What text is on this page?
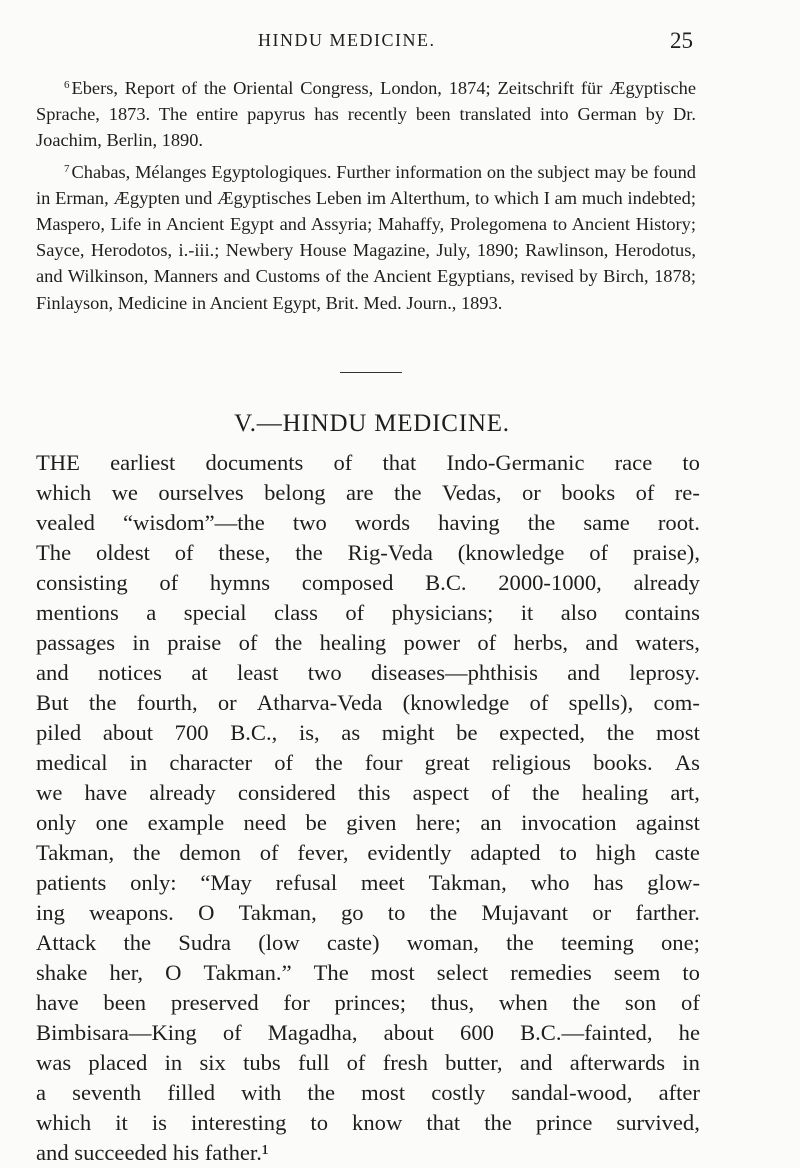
HINDU MEDICINE.	25

$^6$ Ebers, Report of the Oriental Congress, London, 1874; Zeitschrift für Ægyptische Sprache, 1873. The entire papyrus has recently been translated into German by Dr. Joachim, Berlin, 1890.

$^7$ Chabas, Mélanges Egyptologiques. Further information on the subject may be found in Erman, Ægypten und Ægyptisches Leben im Alterthum, to which I am much indebted; Maspero, Life in Ancient Egypt and Assyria; Mahaffy, Prolegomena to Ancient History; Sayce, Herodotos, i.-iii.; Newbery House Magazine, July, 1890; Rawlinson, Herodotus, and Wilkinson, Manners and Customs of the Ancient Egyptians, revised by Birch, 1878; Finlayson, Medicine in Ancient Egypt, Brit. Med. Journ., 1893.

V.—HINDU MEDICINE.
THE earliest documents of that Indo-Germanic race to
which we ourselves belong are the Vedas, or books of re-
vealed “wisdom”—the two words having the same root.
The oldest of these, the Rig-Veda (knowledge of praise),
consisting of hymns composed B.C. 2000-1000, already
mentions a special class of physicians; it also contains
passages in praise of the healing power of herbs, and waters,
and notices at least two diseases—phthisis and leprosy.
But the fourth, or Atharva-Veda (knowledge of spells), com-
piled about 700 B.C., is, as might be expected, the most
medical in character of the four great religious books. As
we have already considered this aspect of the healing art,
only one example need be given here; an invocation against
Takman, the demon of fever, evidently adapted to high caste
patients only: “May refusal meet Takman, who has glow-
ing weapons. O Takman, go to the Mujavant or farther.
Attack the Sudra (low caste) woman, the teeming one;
shake her, O Takman.” The most select remedies seem to
have been preserved for princes; thus, when the son of
Bimbisara—King of Magadha, about 600 B.C.—fainted, he
was placed in six tubs full of fresh butter, and afterwards in
a seventh filled with the most costly sandal-wood, after
which it is interesting to know that the prince survived,
and succeeded his father.¹
